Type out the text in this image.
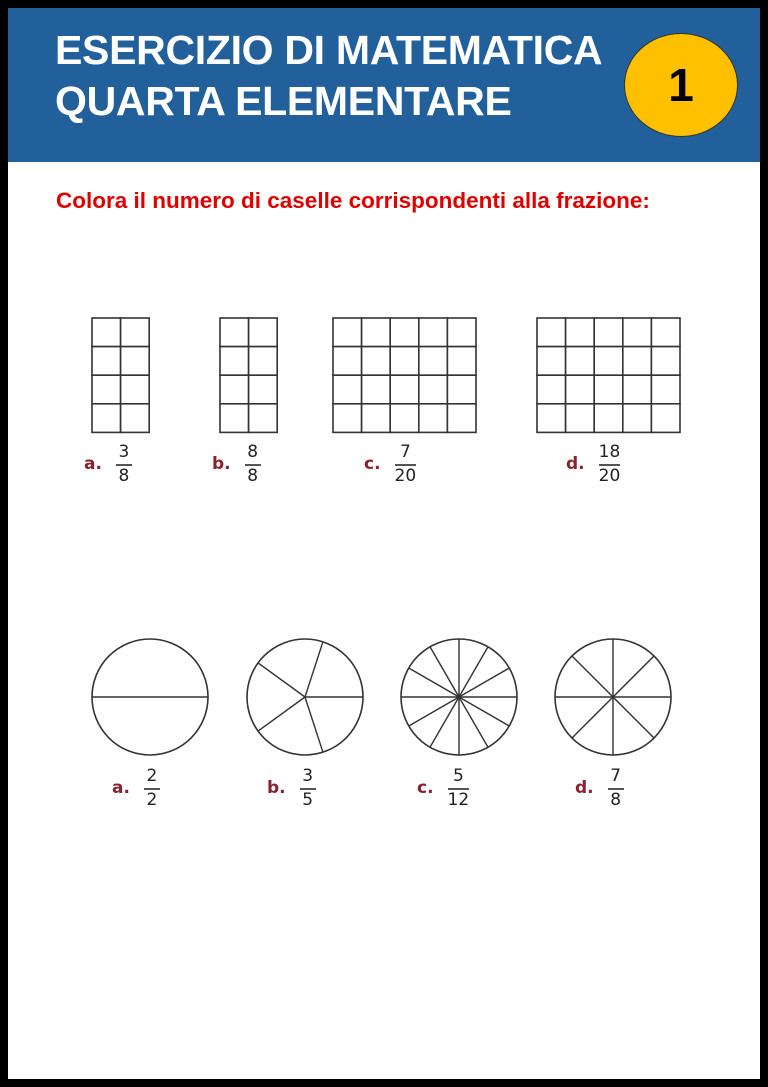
ESERCIZIO DI MATEMATICA
QUARTA ELEMENTARE	1
Colora il numero di caselle corrispondenti alla frazione:
a. $\frac{3}{8}$	b. $\frac{8}{8}$	c. $\frac{7}{20}$	d. $\frac{18}{20}$
a. $\frac{2}{2}$	b. $\frac{3}{5}$	c. $\frac{5}{12}$	d. $\frac{7}{8}$
